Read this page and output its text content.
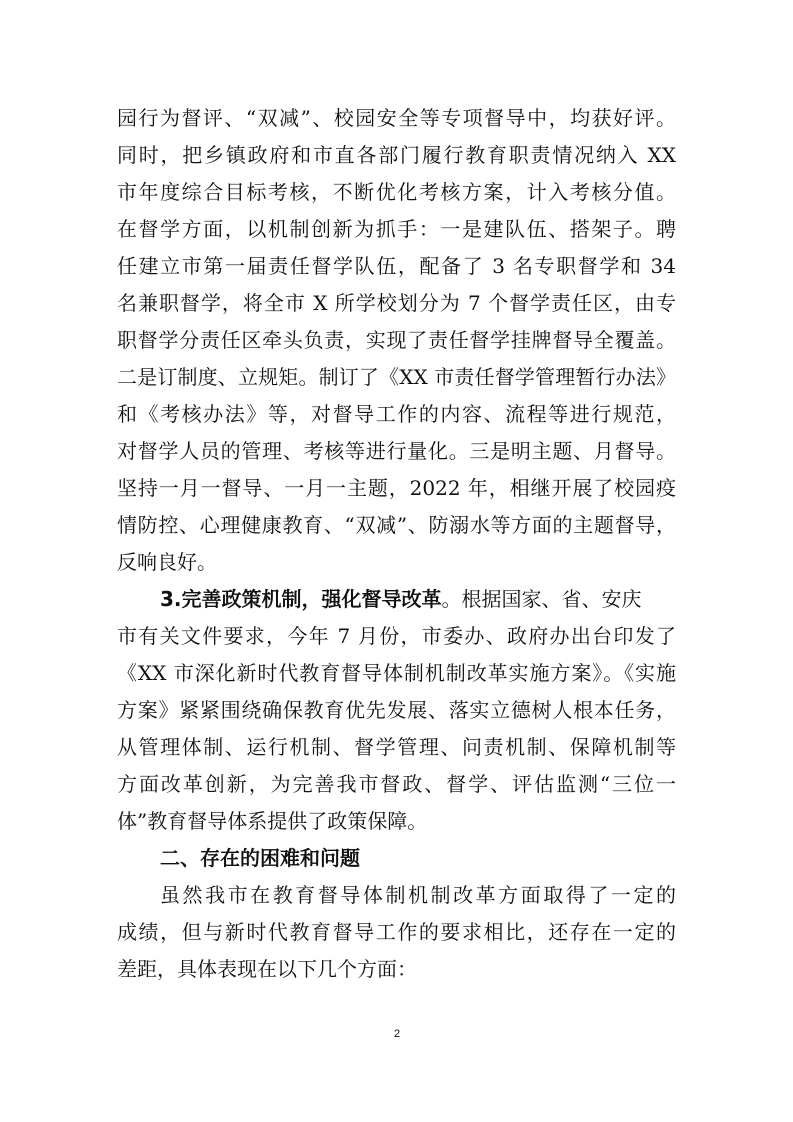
园行为督评、“双减”、校园安全等专项督导中，均获好评。
同时，把乡镇政府和市直各部门履行教育职责情况纳入 XX
市年度综合目标考核，不断优化考核方案，计入考核分值。
在督学方面，以机制创新为抓手：一是建队伍、搭架子。聘
任建立市第一届责任督学队伍，配备了 3 名专职督学和 34
名兼职督学，将全市 X 所学校划分为 7 个督学责任区，由专
职督学分责任区牵头负责，实现了责任督学挂牌督导全覆盖。
二是订制度、立规矩。制订了《XX 市责任督学管理暂行办法》
和《考核办法》等，对督导工作的内容、流程等进行规范，
对督学人员的管理、考核等进行量化。三是明主题、月督导。
坚持一月一督导、一月一主题，2022 年，相继开展了校园疫
情防控、心理健康教育、“双减”、防溺水等方面的主题督导，
反响良好。
3.完善政策机制，强化督导改革。根据国家、省、安庆
市有关文件要求，今年 7 月份，市委办、政府办出台印发了
《XX 市深化新时代教育督导体制机制改革实施方案》。《实施
方案》紧紧围绕确保教育优先发展、落实立德树人根本任务，
从管理体制、运行机制、督学管理、问责机制、保障机制等
方面改革创新，为完善我市督政、督学、评估监测“三位一
体”教育督导体系提供了政策保障。
二、存在的困难和问题
虽然我市在教育督导体制机制改革方面取得了一定的
成绩，但与新时代教育督导工作的要求相比，还存在一定的
差距，具体表现在以下几个方面：
2
